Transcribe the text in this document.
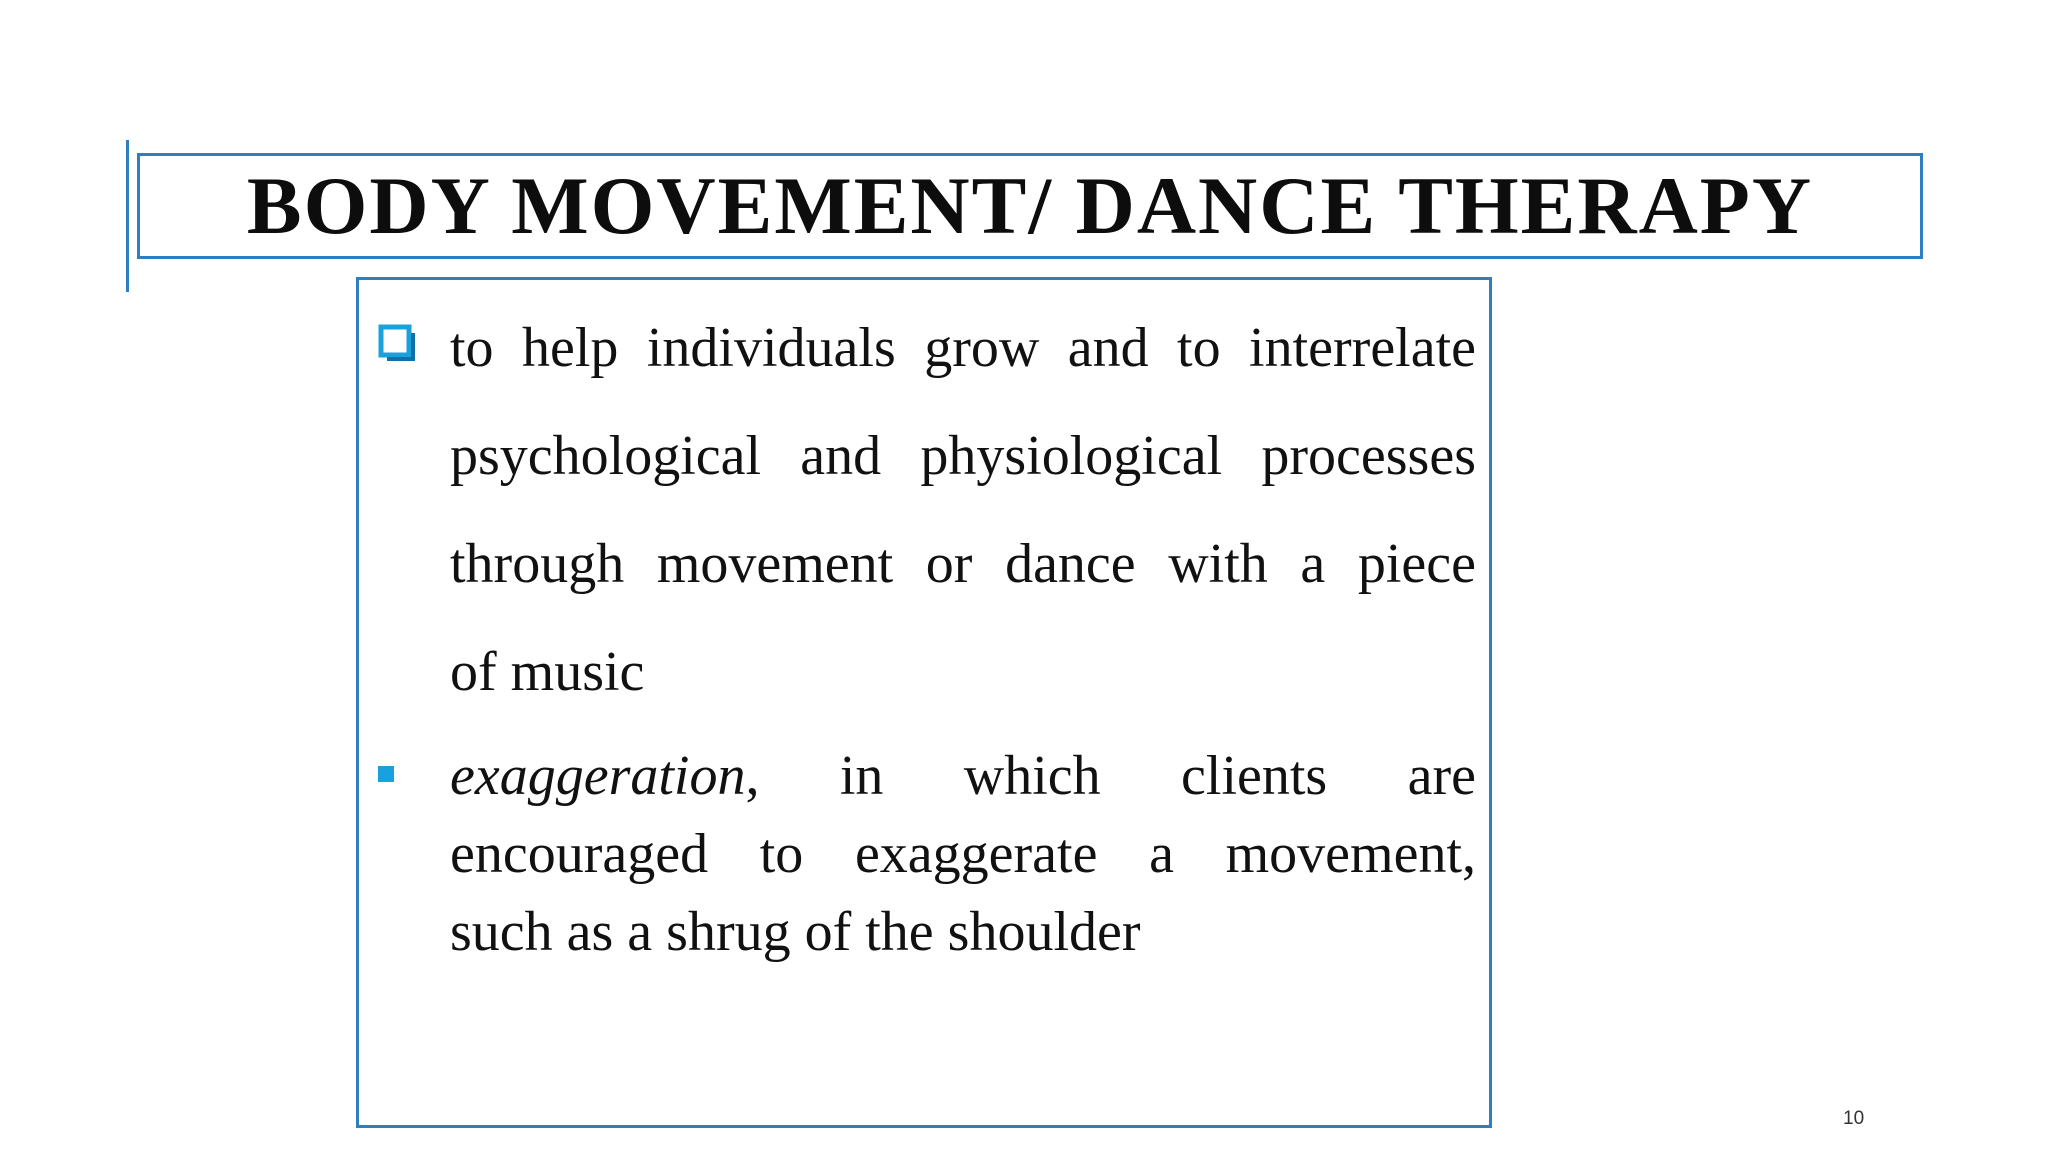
BODY MOVEMENT/ DANCE THERAPY
to help individuals grow and to interrelate
psychological and physiological processes
through movement or dance with a piece
of music
exaggeration, in which clients are
encouraged to exaggerate a movement,
such as a shrug of the shoulder
10
